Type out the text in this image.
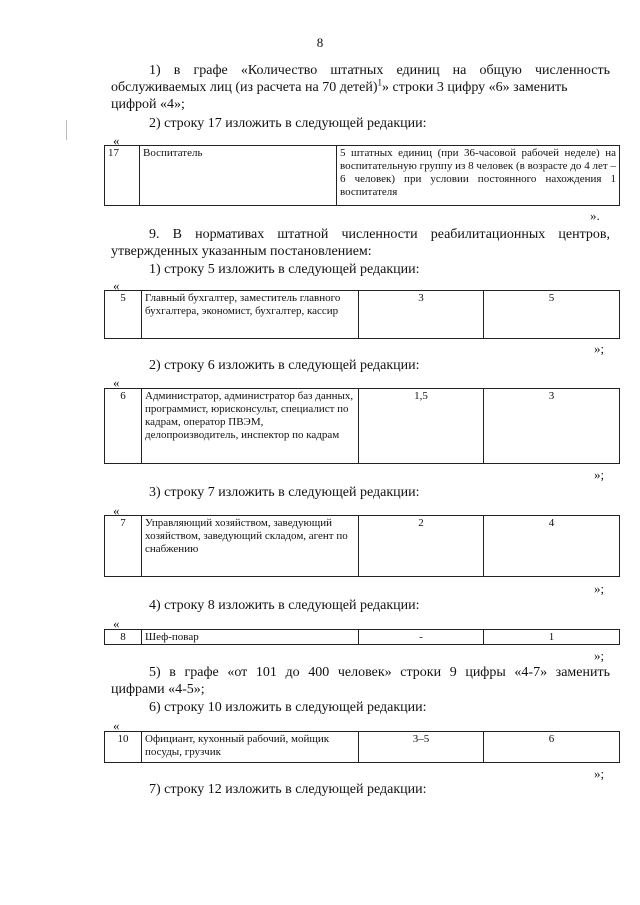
8
1) в графе «Количество штатных единиц на общую численность
обслуживаемых лиц (из расчета на 70 детей)$^1$» строки 3 цифру «6» заменить
цифрой «4»;
2) строку 17 изложить в следующей редакции:
«
17	Воспитатель	5 штатных единиц (при 36-часовой рабочей неделе) на воспитательную группу из 8 человек (в возрасте до 4 лет – 6 человек) при условии постоянного нахождения 1 воспитателя
».
9. В нормативах штатной численности реабилитационных центров,
утвержденных указанным постановлением:
1) строку 5 изложить в следующей редакции:
«
5	Главный бухгалтер, заместитель главного бухгалтера, экономист, бухгалтер, кассир	3	5
»;
2) строку 6 изложить в следующей редакции:
«
6	Администратор, администратор баз данных, программист, юрисконсульт, специалист по кадрам, оператор ПВЭМ, делопроизводитель, инспектор по кадрам	1,5	3
»;
3) строку 7 изложить в следующей редакции:
«
7	Управляющий хозяйством, заведующий хозяйством, заведующий складом, агент по снабжению	2	4
»;
4) строку 8 изложить в следующей редакции:
«
8	Шеф-повар	-	1
»;
5) в графе «от 101 до 400 человек» строки 9 цифры «4-7» заменить
цифрами «4-5»;
6) строку 10 изложить в следующей редакции:
«
10	Официант, кухонный рабочий, мойщик посуды, грузчик	3–5	6
»;
7) строку 12 изложить в следующей редакции:
